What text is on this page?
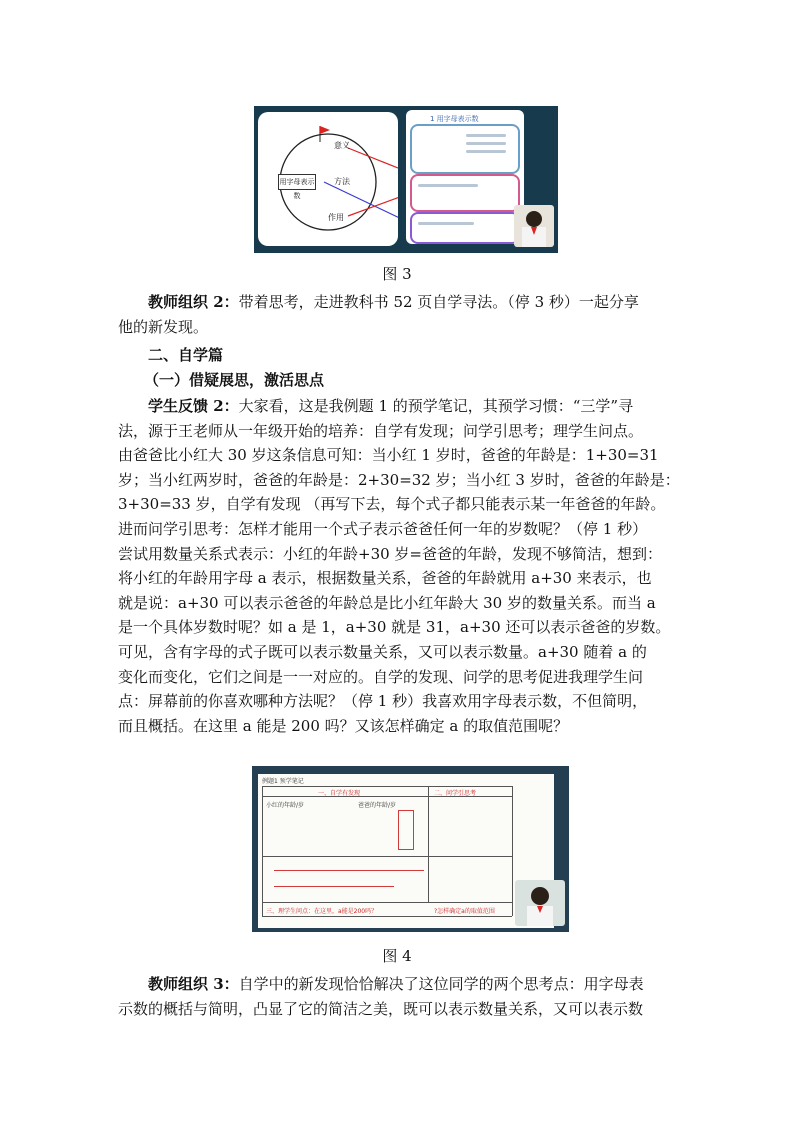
用字母表示数
意义
方法
作用
1 用字母表示数
图 3
教师组织 2：带着思考，走进教科书 52 页自学寻法。（停 3 秒）一起分享
他的新发现。
二、自学篇
（一）借疑展思，激活思点
学生反馈 2：大家看，这是我例题 1 的预学笔记，其预学习惯：“三学”寻
法，源于王老师从一年级开始的培养：自学有发现；问学引思考；理学生问点。
由爸爸比小红大 30 岁这条信息可知：当小红 1 岁时，爸爸的年龄是：1+30=31
岁；当小红两岁时，爸爸的年龄是：2+30=32 岁；当小红 3 岁时，爸爸的年龄是：
3+30=33 岁，自学有发现 （再写下去，每个式子都只能表示某一年爸爸的年龄。
进而问学引思考：怎样才能用一个式子表示爸爸任何一年的岁数呢？（停 1 秒）
尝试用数量关系式表示：小红的年龄+30 岁=爸爸的年龄，发现不够简洁，想到：
将小红的年龄用字母 a 表示，根据数量关系，爸爸的年龄就用 a+30 来表示，也
就是说：a+30 可以表示爸爸的年龄总是比小红年龄大 30 岁的数量关系。而当 a
是一个具体岁数时呢？如 a 是 1，a+30 就是 31，a+30 还可以表示爸爸的岁数。
可见，含有字母的式子既可以表示数量关系，又可以表示数量。a+30 随着 a 的
变化而变化，它们之间是一一对应的。自学的发现、问学的思考促进我理学生问
点：屏幕前的你喜欢哪种方法呢？（停 1 秒）我喜欢用字母表示数，不但简明，
而且概括。在这里 a 能是 200 吗？又该怎样确定 a 的取值范围呢？
例题1 预学笔记
一、自学有发现	二、问学引思考
小红的年龄/岁	爸爸的年龄/岁
三、理学生问点：在这里，a能是200吗？	?怎样确定a的取值范围
图 4
教师组织 3：自学中的新发现恰恰解决了这位同学的两个思考点：用字母表
示数的概括与简明，凸显了它的简洁之美，既可以表示数量关系，又可以表示数
